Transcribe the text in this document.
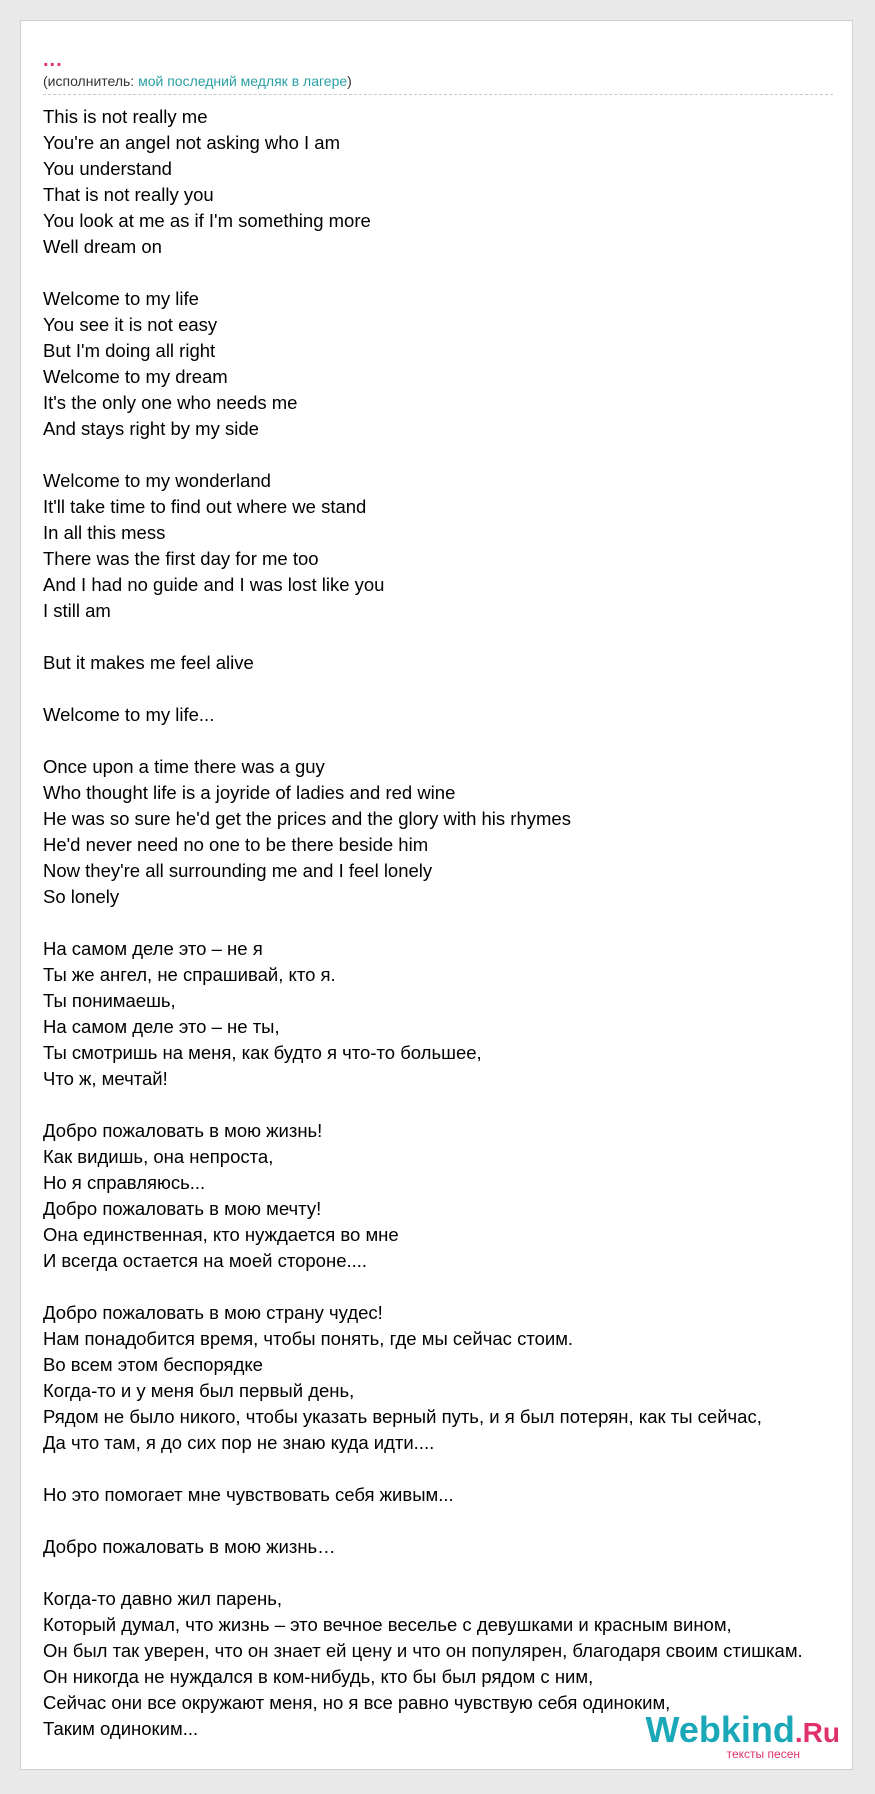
...
(исполнитель: мой последний медляк в лагере)
This is not really me
You're an angel not asking who I am
You understand
That is not really you
You look at me as if I'm something more
Well dream on
Welcome to my life
You see it is not easy
But I'm doing all right
Welcome to my dream
It's the only one who needs me
And stays right by my side
Welcome to my wonderland
It'll take time to find out where we stand
In all this mess
There was the first day for me too
And I had no guide and I was lost like you
I still am
But it makes me feel alive
Welcome to my life...
Once upon a time there was a guy
Who thought life is a joyride of ladies and red wine
He was so sure he'd get the prices and the glory with his rhymes
He'd never need no one to be there beside him
Now they're all surrounding me and I feel lonely
So lonely
На самом деле это – не я
Ты же ангел, не спрашивай, кто я.
Ты понимаешь,
На самом деле это – не ты,
Ты смотришь на меня, как будто я что-то большее,
Что ж, мечтай!
Добро пожаловать в мою жизнь!
Как видишь, она непроста,
Но я справляюсь...
Добро пожаловать в мою мечту!
Она единственная, кто нуждается во мне
И всегда остается на моей стороне....
Добро пожаловать в мою страну чудес!
Нам понадобится время, чтобы понять, где мы сейчас стоим.
Во всем этом беспорядке
Когда-то и у меня был первый день,
Рядом не было никого, чтобы указать верный путь, и я был потерян, как ты сейчас,
Да что там, я до сих пор не знаю куда идти....
Но это помогает мне чувствовать себя живым...
Добро пожаловать в мою жизнь…
Когда-то давно жил парень,
Который думал, что жизнь – это вечное веселье с девушками и красным вином,
Он был так уверен, что он знает ей цену и что он популярен, благодаря своим стишкам.
Он никогда не нуждался в ком-нибудь, кто бы был рядом с ним,
Сейчас они все окружают меня, но я все равно чувствую себя одиноким,
Таким одиноким...	Webkind.Ru
тексты песен
